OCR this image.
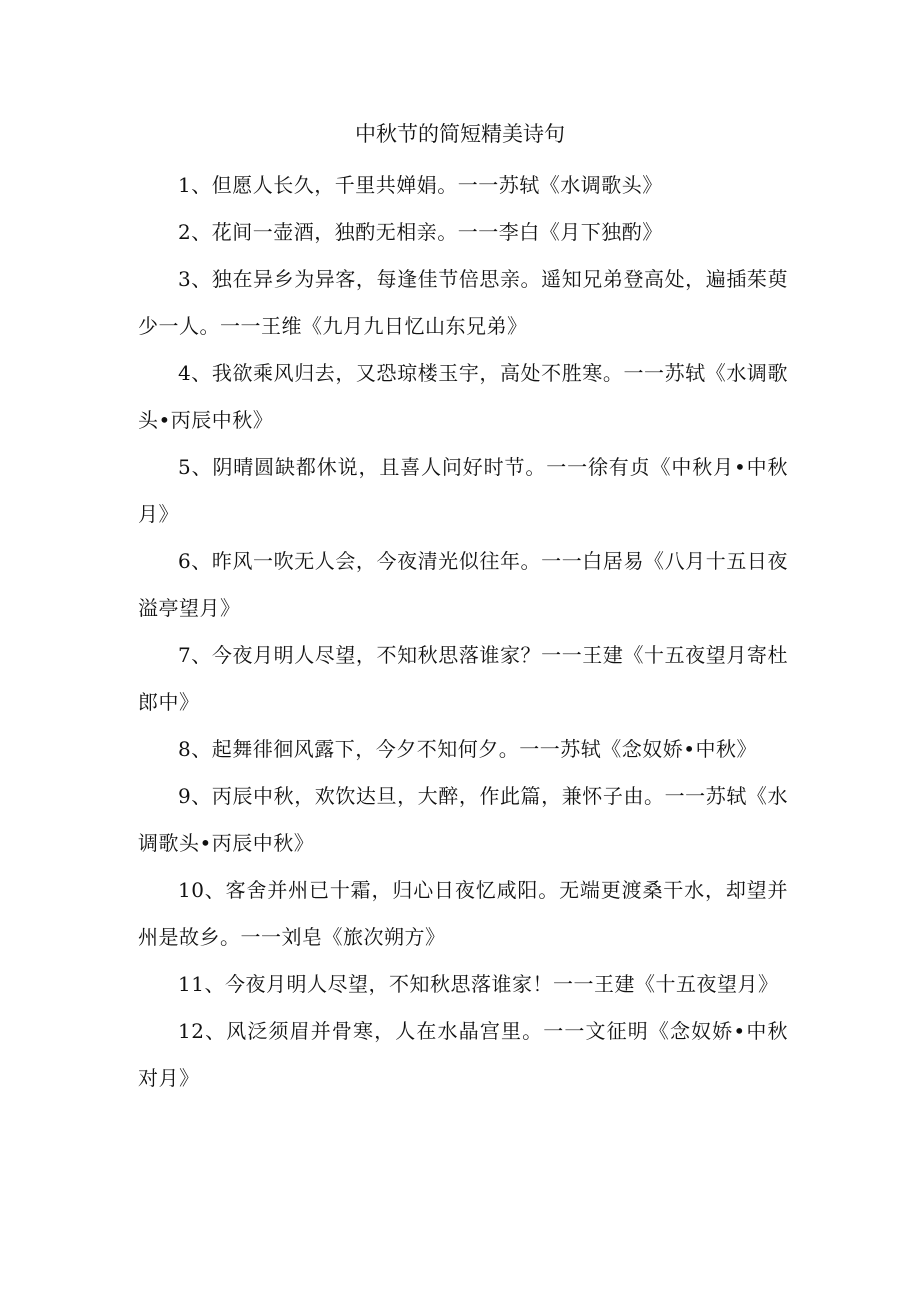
中秋节的简短精美诗句

1、但愿人长久，千里共婵娟。一一苏轼《水调歌头》

2、花间一壶酒，独酌无相亲。一一李白《月下独酌》

3、独在异乡为异客，每逢佳节倍思亲。遥知兄弟登高处，遍插茱萸少一人。一一王维《九月九日忆山东兄弟》

4、我欲乘风归去，又恐琼楼玉宇，高处不胜寒。一一苏轼《水调歌头•丙辰中秋》

5、阴晴圆缺都休说，且喜人问好时节。一一徐有贞《中秋月•中秋月》

6、昨风一吹无人会，今夜清光似往年。一一白居易《八月十五日夜溢亭望月》

7、今夜月明人尽望，不知秋思落谁家？一一王建《十五夜望月寄杜郎中》

8、起舞徘徊风露下，今夕不知何夕。一一苏轼《念奴娇•中秋》

9、丙辰中秋，欢饮达旦，大醉，作此篇，兼怀子由。一一苏轼《水调歌头•丙辰中秋》

10、客舍并州已十霜，归心日夜忆咸阳。无端更渡桑干水，却望并州是故乡。一一刘皂《旅次朔方》

11、今夜月明人尽望，不知秋思落谁家！一一王建《十五夜望月》

12、风泛须眉并骨寒，人在水晶宫里。一一文征明《念奴娇•中秋对月》
